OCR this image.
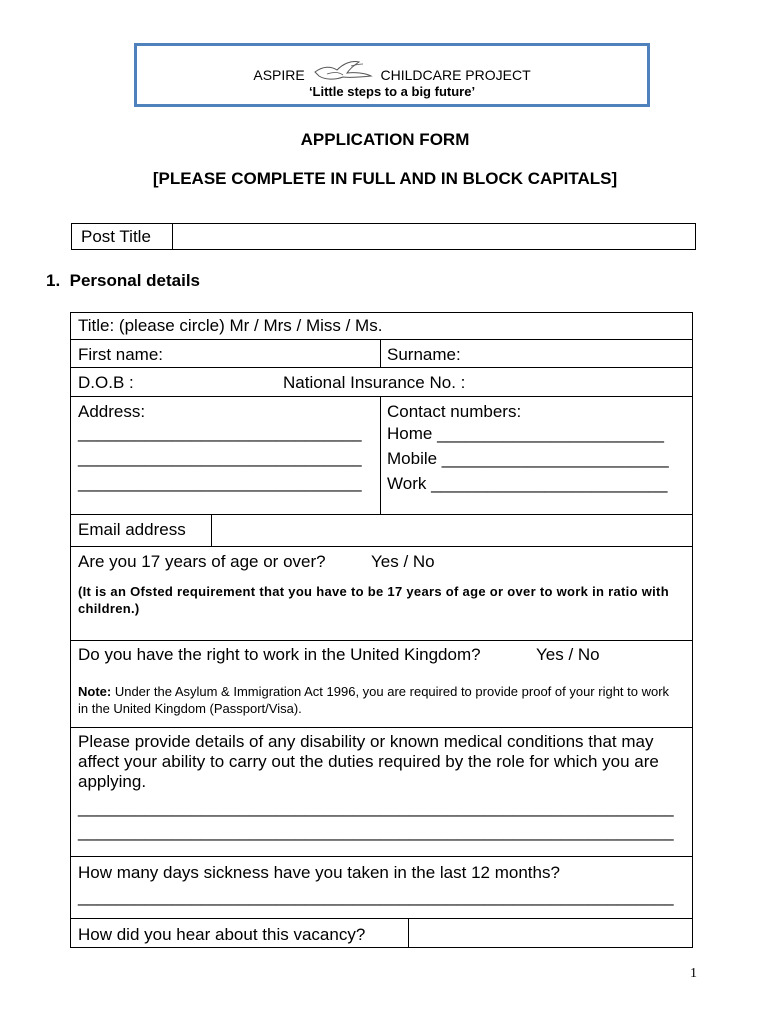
ASPIRE	CHILDCARE PROJECT
‘Little steps to a big future’
APPLICATION FORM
[PLEASE COMPLETE IN FULL AND IN BLOCK CAPITALS]
Post Title
1.  Personal details
Title: (please circle) Mr / Mrs / Miss / Ms.
First name:	Surname:
D.O.B :	National Insurance No. :
Address:
______________________________
______________________________
______________________________
Contact numbers:
Home ________________________
Mobile ________________________
Work _________________________
Email address
Are you 17 years of age or over?	Yes / No
(It is an Ofsted requirement that you have to be 17 years of age or over to work in ratio with children.)
Do you have the right to work in the United Kingdom?	Yes / No
Note: Under the Asylum & Immigration Act 1996, you are required to provide proof of your right to work in the United Kingdom (Passport/Visa).
Please provide details of any disability or known medical conditions that may affect your ability to carry out the duties required by the role for which you are applying.
_______________________________________________________________
_______________________________________________________________
How many days sickness have you taken in the last 12 months?
_______________________________________________________________
How did you hear about this vacancy?
1
